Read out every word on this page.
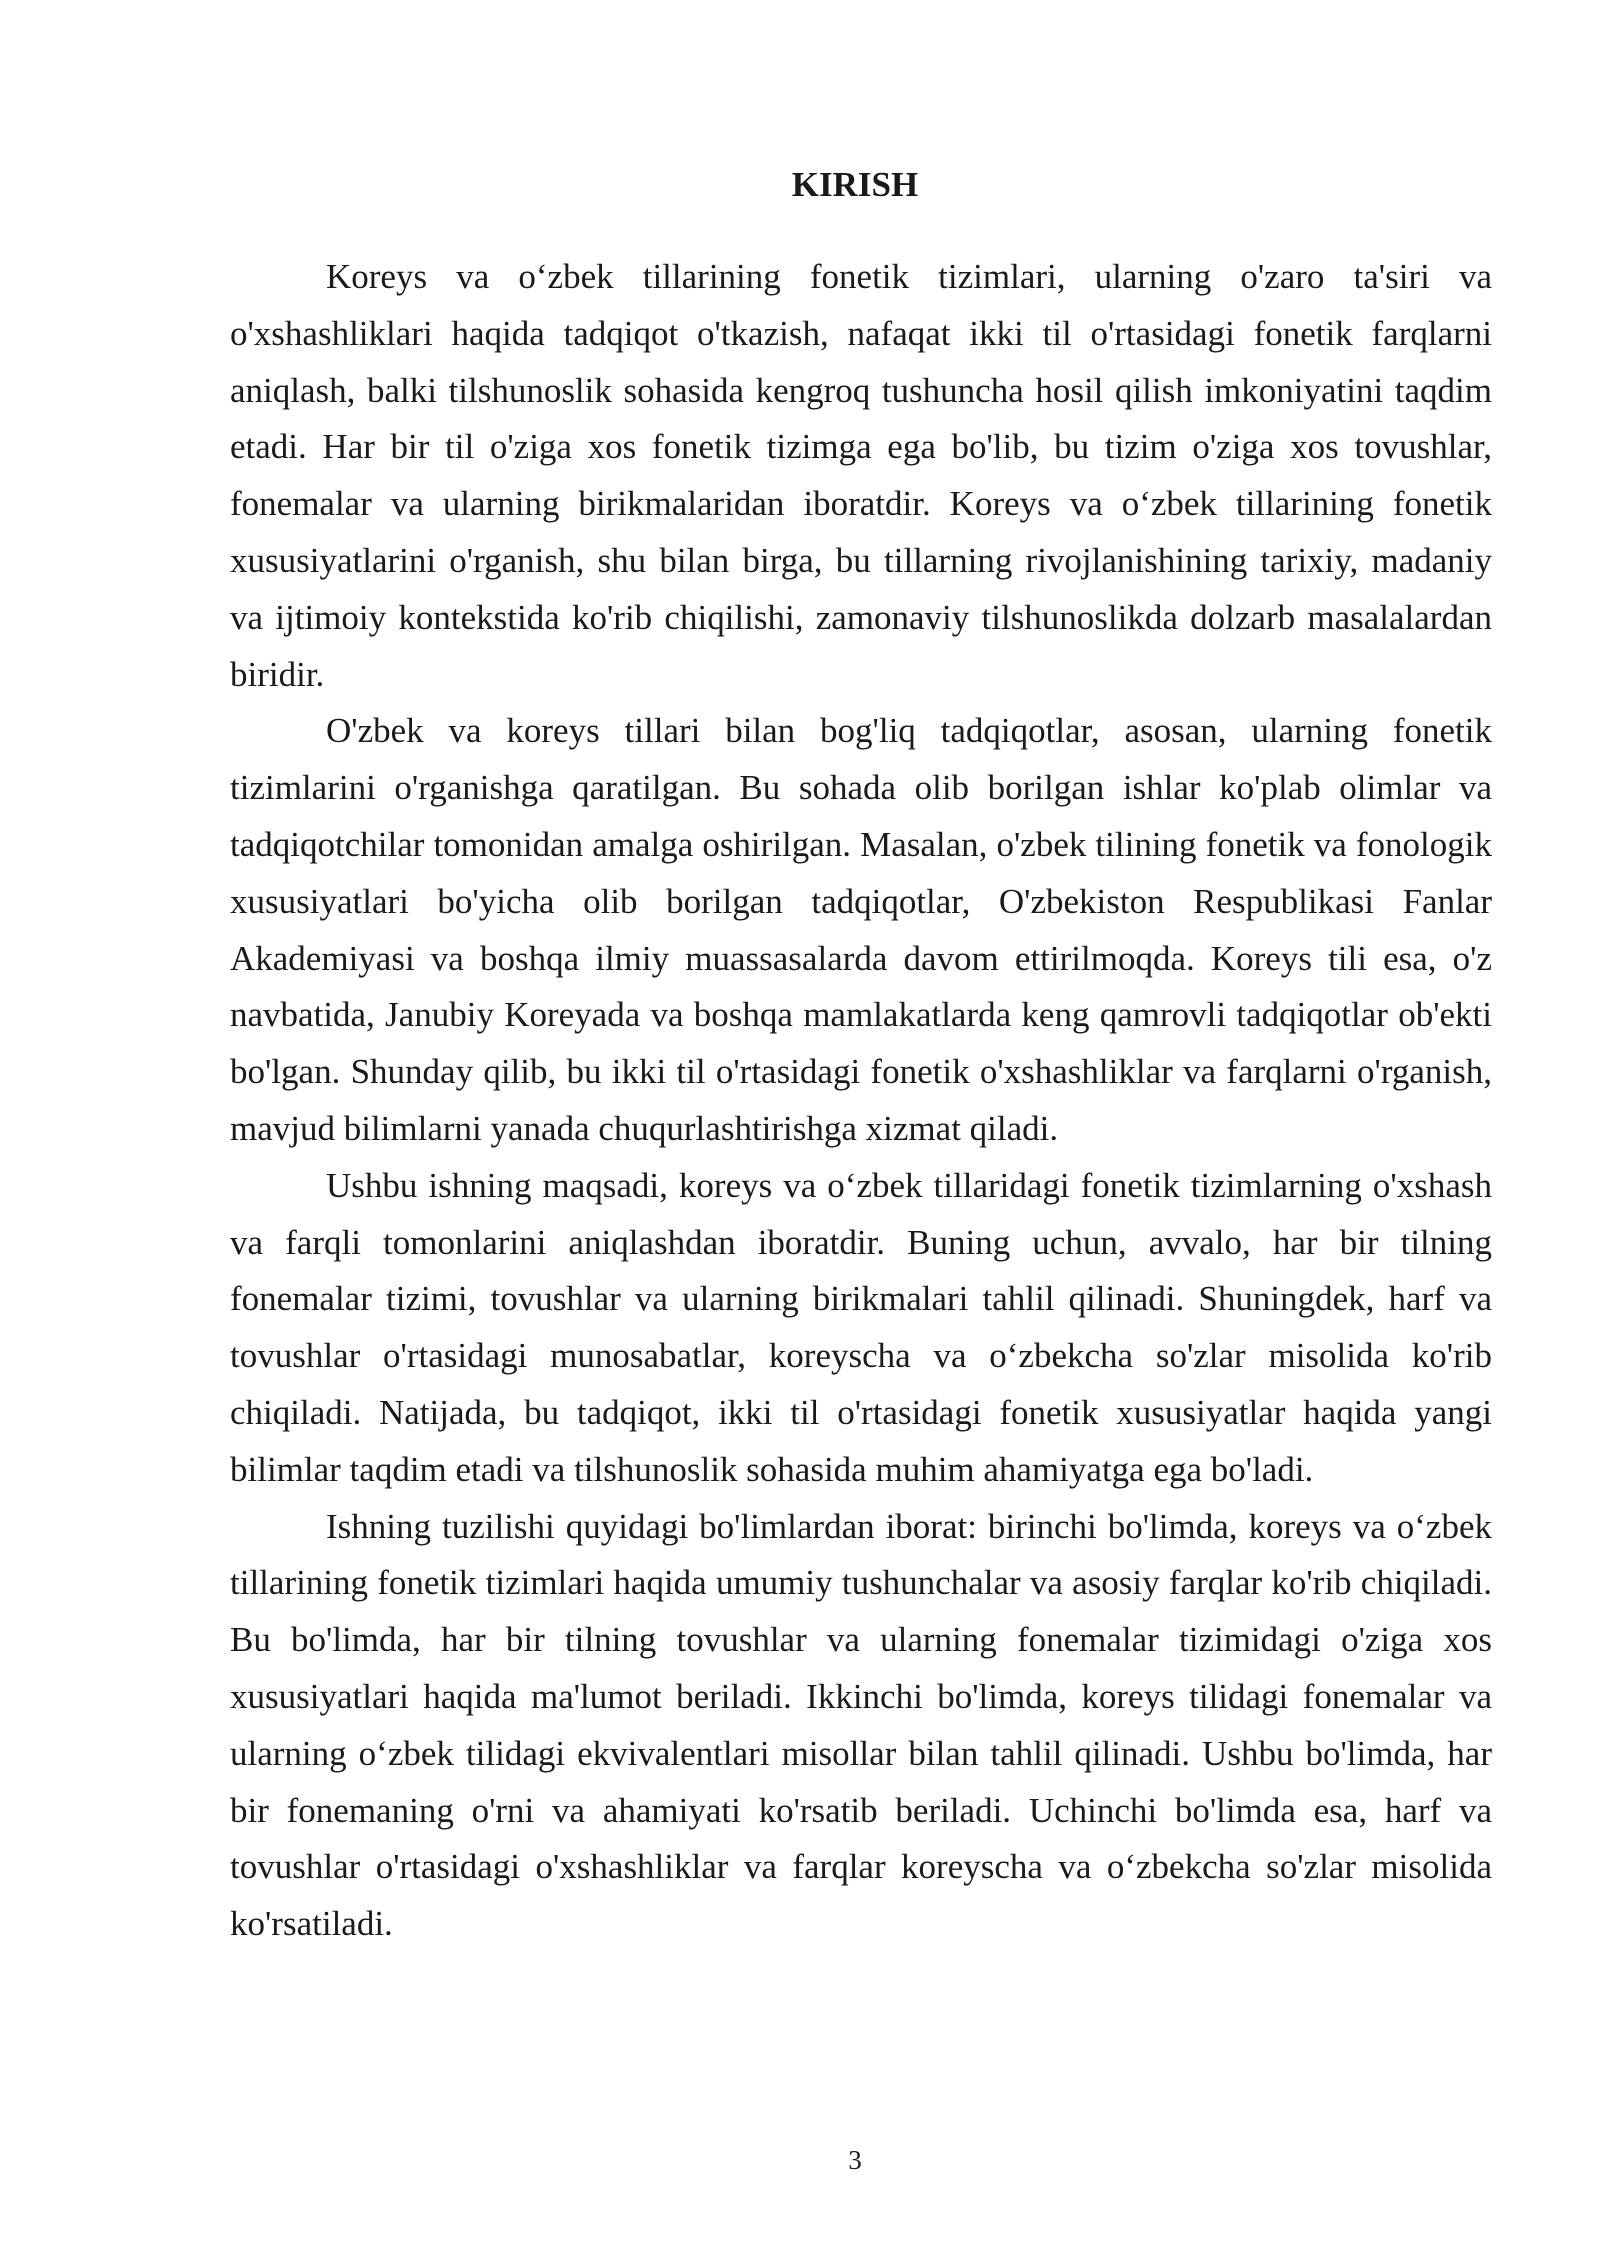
KIRISH

Koreys va o‘zbek tillarining fonetik tizimlari, ularning o'zaro ta'siri va o'xshashliklari haqida tadqiqot o'tkazish, nafaqat ikki til o'rtasidagi fonetik farqlarni aniqlash, balki tilshunoslik sohasida kengroq tushuncha hosil qilish imkoniyatini taqdim etadi. Har bir til o'ziga xos fonetik tizimga ega bo'lib, bu tizim o'ziga xos tovushlar, fonemalar va ularning birikmalaridan iboratdir. Koreys va o‘zbek tillarining fonetik xususiyatlarini o'rganish, shu bilan birga, bu tillarning rivojlanishining tarixiy, madaniy va ijtimoiy kontekstida ko'rib chiqilishi, zamonaviy tilshunoslikda dolzarb masalalardan biridir.

O'zbek va koreys tillari bilan bog'liq tadqiqotlar, asosan, ularning fonetik tizimlarini o'rganishga qaratilgan. Bu sohada olib borilgan ishlar ko'plab olimlar va tadqiqotchilar tomonidan amalga oshirilgan. Masalan, o'zbek tilining fonetik va fonologik xususiyatlari bo'yicha olib borilgan tadqiqotlar, O'zbekiston Respublikasi Fanlar Akademiyasi va boshqa ilmiy muassasalarda davom ettirilmoqda. Koreys tili esa, o'z navbatida, Janubiy Koreyada va boshqa mamlakatlarda keng qamrovli tadqiqotlar ob'ekti bo'lgan. Shunday qilib, bu ikki til o'rtasidagi fonetik o'xshashliklar va farqlarni o'rganish, mavjud bilimlarni yanada chuqurlashtirishga xizmat qiladi.

Ushbu ishning maqsadi, koreys va o‘zbek tillaridagi fonetik tizimlarning o'xshash va farqli tomonlarini aniqlashdan iboratdir. Buning uchun, avvalo, har bir tilning fonemalar tizimi, tovushlar va ularning birikmalari tahlil qilinadi. Shuningdek, harf va tovushlar o'rtasidagi munosabatlar, koreyscha va o‘zbekcha so'zlar misolida ko'rib chiqiladi. Natijada, bu tadqiqot, ikki til o'rtasidagi fonetik xususiyatlar haqida yangi bilimlar taqdim etadi va tilshunoslik sohasida muhim ahamiyatga ega bo'ladi.

Ishning tuzilishi quyidagi bo'limlardan iborat: birinchi bo'limda, koreys va o‘zbek tillarining fonetik tizimlari haqida umumiy tushunchalar va asosiy farqlar ko'rib chiqiladi. Bu bo'limda, har bir tilning tovushlar va ularning fonemalar tizimidagi o'ziga xos xususiyatlari haqida ma'lumot beriladi. Ikkinchi bo'limda, koreys tilidagi fonemalar va ularning o‘zbek tilidagi ekvivalentlari misollar bilan tahlil qilinadi. Ushbu bo'limda, har bir fonemaning o'rni va ahamiyati ko'rsatib beriladi. Uchinchi bo'limda esa, harf va tovushlar o'rtasidagi o'xshashliklar va farqlar koreyscha va o‘zbekcha so'zlar misolida ko'rsatiladi.

3
